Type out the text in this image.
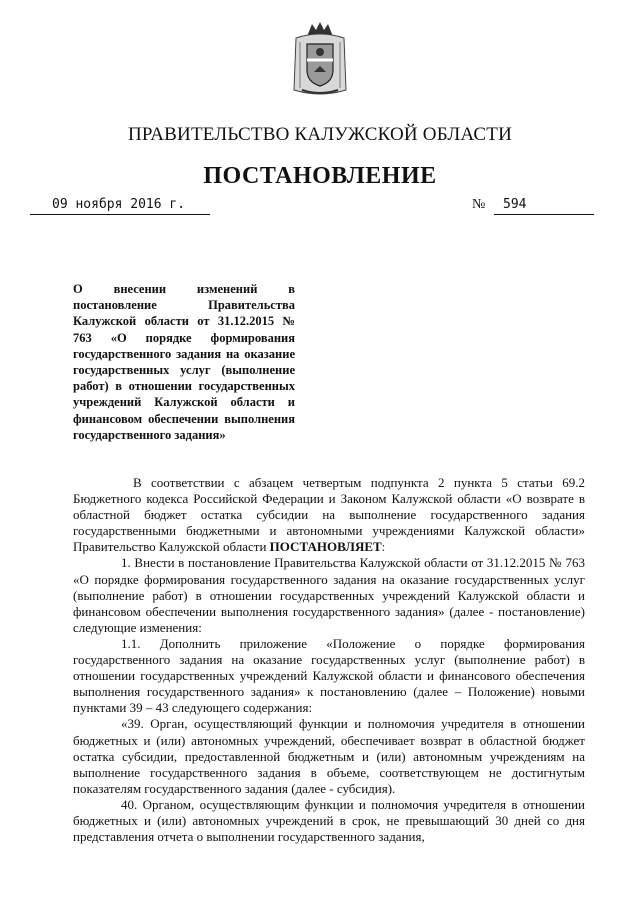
ПРАВИТЕЛЬСТВО КАЛУЖСКОЙ ОБЛАСТИ
ПОСТАНОВЛЕНИЕ
09 ноября 2016 г.	№ 594
О внесении изменений в постановление Правительства Калужской области от 31.12.2015 № 763 «О порядке формирования государственного задания на оказание государственных услуг (выполнение работ) в отношении государственных учреждений Калужской области и финансовом обеспечении выполнения
государственного задания»

В соответствии с абзацем четвертым подпункта 2 пункта 5 статьи 69.2 Бюджетного кодекса Российской Федерации и Законом Калужской области «О возврате в областной бюджет остатка субсидии на выполнение государственного задания государственными бюджетными и автономными учреждениями Калужской области» Правительство Калужской области ПОСТАНОВЛЯЕТ:

1. Внести в постановление Правительства Калужской области от 31.12.2015 № 763 «О порядке формирования государственного задания на оказание государственных услуг (выполнение работ) в отношении государственных учреждений Калужской области и финансовом обеспечении выполнения государственного задания» (далее - постановление) следующие изменения:

1.1. Дополнить приложение «Положение о порядке формирования государственного задания на оказание государственных услуг (выполнение работ) в отношении государственных учреждений Калужской области и финансового обеспечения выполнения государственного задания» к постановлению (далее – Положение) новыми пунктами 39 – 43 следующего содержания:

«39. Орган, осуществляющий функции и полномочия учредителя в отношении бюджетных и (или) автономных учреждений, обеспечивает возврат в областной бюджет остатка субсидии, предоставленной бюджетным и (или) автономным учреждениям на выполнение государственного задания в объеме, соответствующем не достигнутым показателям государственного задания (далее - субсидия).

40. Органом, осуществляющим функции и полномочия учредителя в отношении бюджетных и (или) автономных учреждений в срок, не превышающий 30 дней со дня представления отчета о выполнении государственного задания,
